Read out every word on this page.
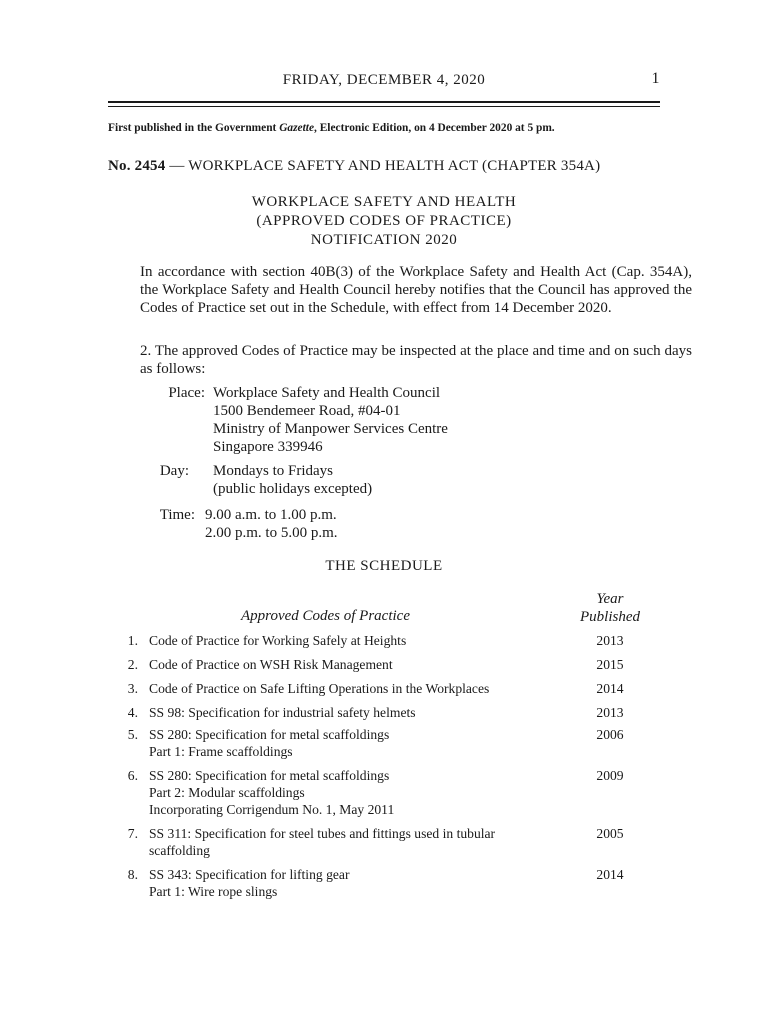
FRIDAY, DECEMBER 4, 2020	1
First published in the Government Gazette, Electronic Edition, on 4 December 2020 at 5 pm.
No. 2454 — WORKPLACE SAFETY AND HEALTH ACT (CHAPTER 354A)
WORKPLACE SAFETY AND HEALTH
(APPROVED CODES OF PRACTICE)
NOTIFICATION 2020
In accordance with section 40B(3) of the Workplace Safety and Health Act (Cap. 354A), the Workplace Safety and Health Council hereby notifies that the Council has approved the Codes of Practice set out in the Schedule, with effect from 14 December 2020.
2. The approved Codes of Practice may be inspected at the place and time and on such days as follows:
Place: Workplace Safety and Health Council
1500 Bendemeer Road, #04-01
Ministry of Manpower Services Centre
Singapore 339946
Day: Mondays to Fridays
(public holidays excepted)
Time: 9.00 a.m. to 1.00 p.m.
2.00 p.m. to 5.00 p.m.
THE SCHEDULE
Year
Published
Approved Codes of Practice
1. Code of Practice for Working Safely at Heights	2013
2. Code of Practice on WSH Risk Management	2015
3. Code of Practice on Safe Lifting Operations in the Workplaces	2014
4. SS 98: Specification for industrial safety helmets	2013
5. SS 280: Specification for metal scaffoldings
Part 1: Frame scaffoldings
2006
6. SS 280: Specification for metal scaffoldings
Part 2: Modular scaffoldings
Incorporating Corrigendum No. 1, May 2011
2009
7. SS 311: Specification for steel tubes and fittings used in tubular
scaffolding
2005
8. SS 343: Specification for lifting gear
Part 1: Wire rope slings
2014
